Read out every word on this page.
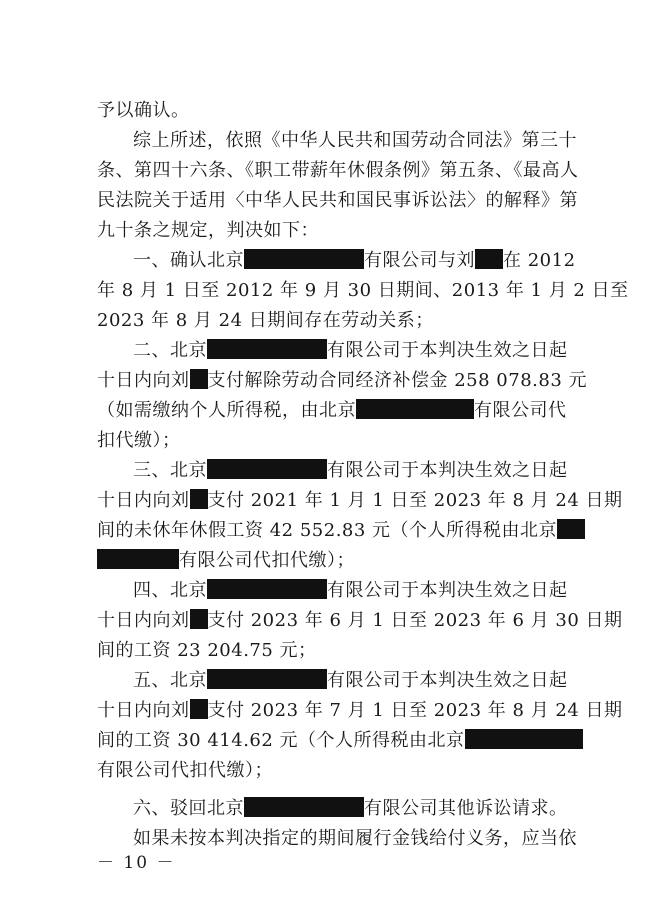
予以确认。
综上所述，依照《中华人民共和国劳动合同法》第三十
条、第四十六条、《职工带薪年休假条例》第五条、《最高人
民法院关于适用〈中华人民共和国民事诉讼法〉的解释》第
九十条之规定，判决如下：
一、确认北京	有限公司与刘 在 2012
年 8 月 1 日至 2012 年 9 月 30 日期间、2013 年 1 月 2 日至
2023 年 8 月 24 日期间存在劳动关系；
二、北京	有限公司于本判决生效之日起
十日内向刘 支付解除劳动合同经济补偿金 258 078.83 元
（如需缴纳个人所得税，由北京	有限公司代
扣代缴）；
三、北京	有限公司于本判决生效之日起
十日内向刘 支付 2021 年 1 月 1 日至 2023 年 8 月 24 日期
间的未休年休假工资 42 552.83 元（个人所得税由北京
有限公司代扣代缴）；
四、北京	有限公司于本判决生效之日起
十日内向刘 支付 2023 年 6 月 1 日至 2023 年 6 月 30 日期
间的工资 23 204.75 元；
五、北京	有限公司于本判决生效之日起
十日内向刘 支付 2023 年 7 月 1 日至 2023 年 8 月 24 日期
间的工资 30 414.62 元（个人所得税由北京
有限公司代扣代缴）；
六、驳回北京	有限公司其他诉讼请求。
如果未按本判决指定的期间履行金钱给付义务，应当依
－ 10 －
